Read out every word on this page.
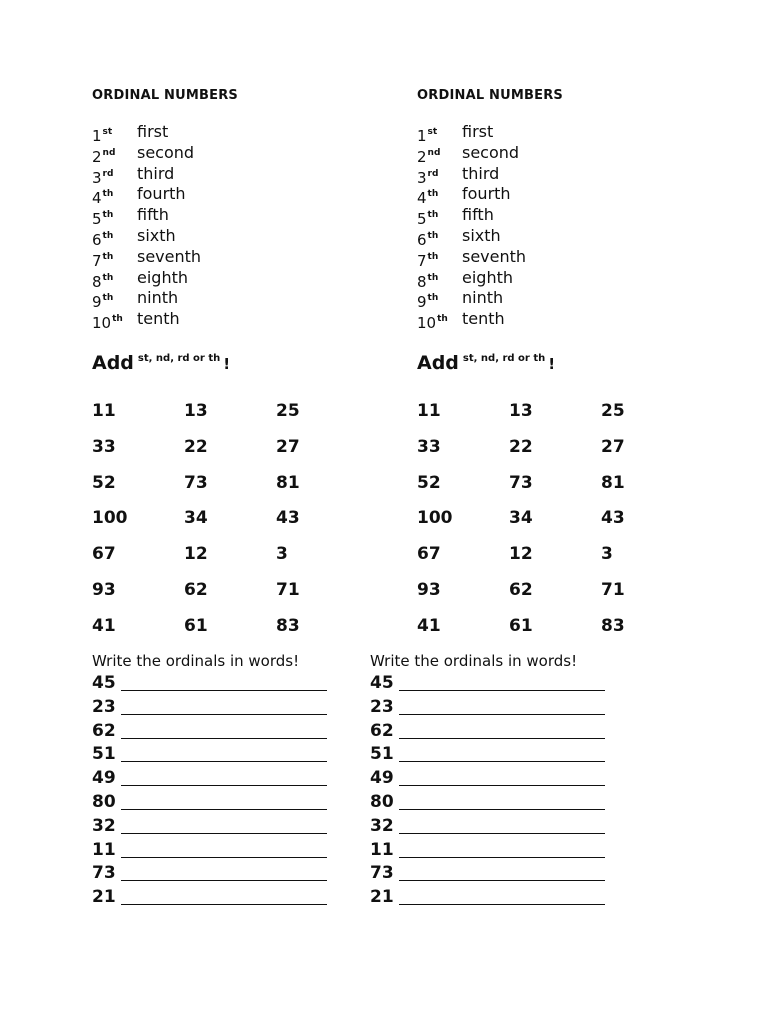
ORDINAL NUMBERS
1st first
2nd second
3rd third
4th fourth
5th fifth
6th sixth
7th seventh
8th eighth
9th ninth
10th tenth
Add $^{st, nd, rd or th}$ !
11	13	25
33	22	27
52	73	81
100	34	43
67	12	3
93	62	71
41	61	83
Write the ordinals in words!
45
23
62
51
49
80
32
11
73
21
ORDINAL NUMBERS
1st first
2nd second
3rd third
4th fourth
5th fifth
6th sixth
7th seventh
8th eighth
9th ninth
10th tenth
Add $^{st, nd, rd or th}$ !
11	13	25
33	22	27
52	73	81
100	34	43
67	12	3
93	62	71
41	61	83
Write the ordinals in words!
45
23
62
51
49
80
32
11
73
21
